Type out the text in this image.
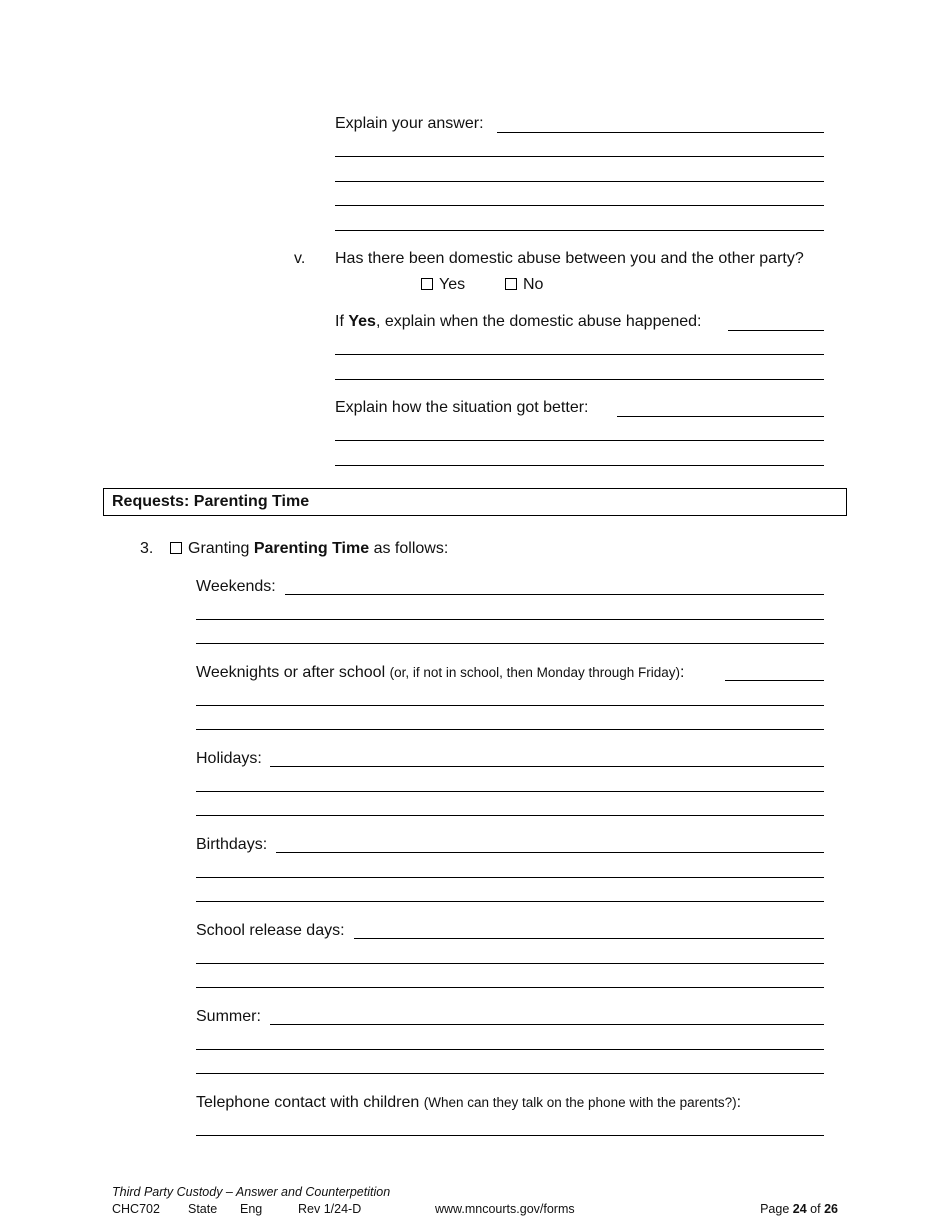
Explain your answer:
v. Has there been domestic abuse between you and the other party?
Yes	No
If Yes, explain when the domestic abuse happened:
Explain how the situation got better:
Requests: Parenting Time
3.	Granting Parenting Time as follows:
Weekends:
Weeknights or after school (or, if not in school, then Monday through Friday):
Holidays:
Birthdays:
School release days:
Summer:
Telephone contact with children (When can they talk on the phone with the parents?):
Third Party Custody – Answer and Counterpetition
CHC702 State Eng	Rev 1/24-D	www.mncourts.gov/forms	Page 24 of 26
